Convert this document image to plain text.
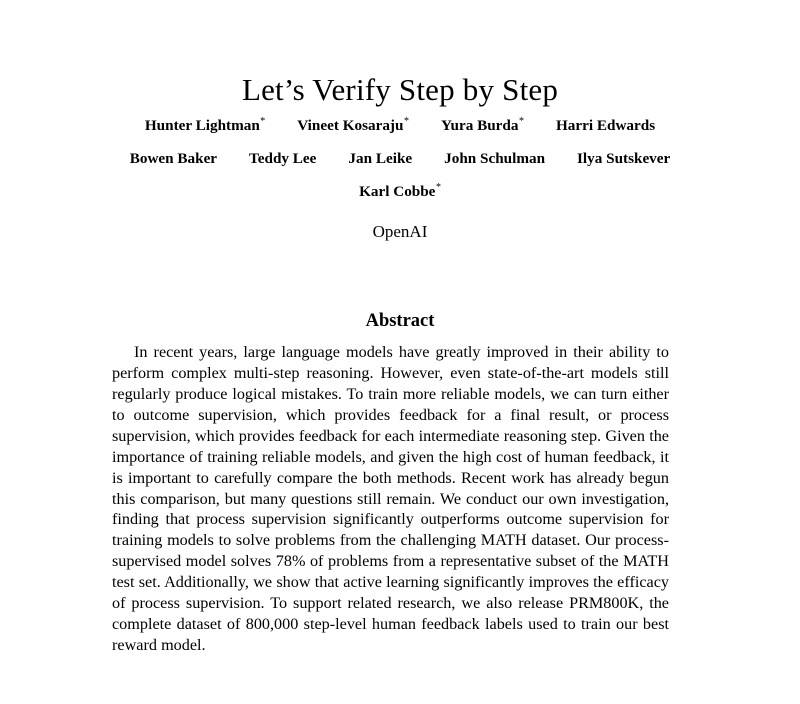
Let’s Verify Step by Step
Hunter Lightman* Vineet Kosaraju* Yura Burda* Harri Edwards
Bowen Baker Teddy Lee Jan Leike John Schulman Ilya Sutskever
Karl Cobbe*
OpenAI
Abstract

In recent years, large language models have greatly improved in their ability to perform complex multi-step reasoning. However, even state-of-the-art models still regularly produce logical mistakes. To train more reliable models, we can turn either to outcome supervision, which provides feedback for a final result, or process supervision, which provides feedback for each intermediate reasoning step. Given the importance of training reliable models, and given the high cost of human feedback, it is important to carefully compare the both methods. Recent work has already begun this comparison, but many questions still remain. We conduct our own investigation, finding that process supervision significantly outperforms outcome supervision for training models to solve problems from the challenging MATH dataset. Our process-supervised model solves 78% of problems from a representative subset of the MATH test set. Additionally, we show that active learning significantly improves the efficacy of process supervision. To support related research, we also release PRM800K, the complete dataset of 800,000 step-level human feedback labels used to train our best reward model.
